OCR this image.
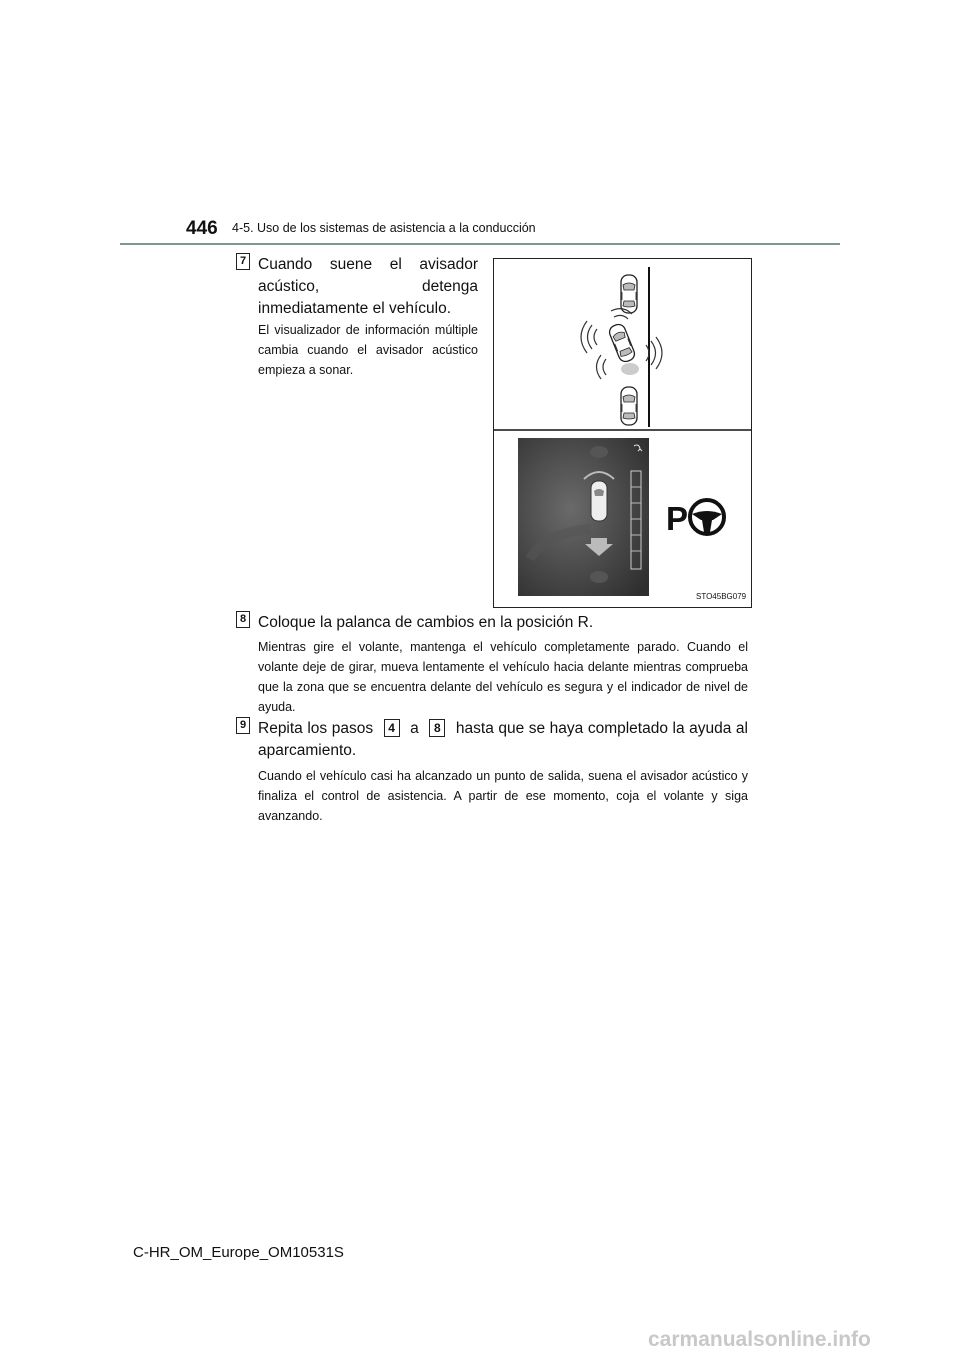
446 4-5. Uso de los sistemas de asistencia a la conducción
7 Cuando suene el avisador acústico, detenga inmediatamente el vehículo.
El visualizador de información múltiple cambia cuando el avisador acústico empieza a sonar.
P
STO45BG079
8 Coloque la palanca de cambios en la posición R.
Mientras gire el volante, mantenga el vehículo completamente parado. Cuando el volante deje de girar, mueva lentamente el vehículo hacia delante mientras comprueba que la zona que se encuentra delante del vehículo es segura y el indicador de nivel de ayuda.
9 Repita los pasos 4 a 8 hasta que se haya completado la ayuda al aparcamiento.
Cuando el vehículo casi ha alcanzado un punto de salida, suena el avisador acústico y finaliza el control de asistencia. A partir de ese momento, coja el volante y siga avanzando.
C-HR_OM_Europe_OM10531S
carmanualsonline.info
